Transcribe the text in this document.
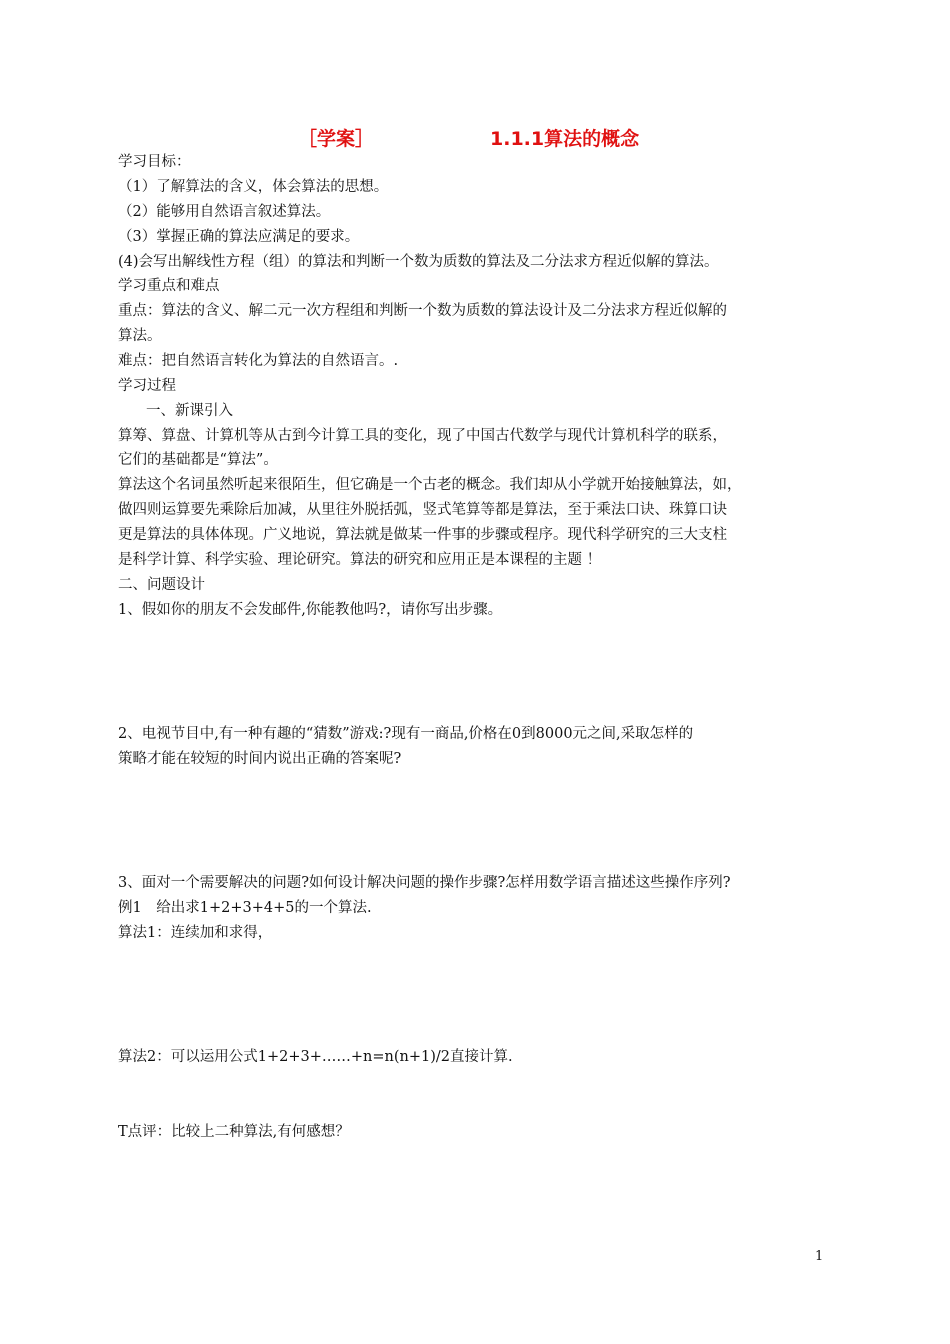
［学案］	1.1.1算法的概念
学习目标：
（1）了解算法的含义，体会算法的思想。
（2）能够用自然语言叙述算法。
（3）掌握正确的算法应满足的要求。
(4)会写出解线性方程（组）的算法和判断一个数为质数的算法及二分法求方程近似解的算法。
学习重点和难点
重点：算法的含义、解二元一次方程组和判断一个数为质数的算法设计及二分法求方程近似解的
算法。
难点：把自然语言转化为算法的自然语言。.
学习过程
一、新课引入
算筹、算盘、计算机等从古到今计算工具的变化，现了中国古代数学与现代计算机科学的联系，
它们的基础都是“算法”。
算法这个名词虽然听起来很陌生，但它确是一个古老的概念。我们却从小学就开始接触算法，如，
做四则运算要先乘除后加减，从里往外脱括弧，竖式笔算等都是算法，至于乘法口诀、珠算口诀
更是算法的具体体现。广义地说，算法就是做某一件事的步骤或程序。现代科学研究的三大支柱
是科学计算、科学实验、理论研究。算法的研究和应用正是本课程的主题 ！
二、问题设计
1、假如你的朋友不会发邮件,你能教他吗?，请你写出步骤。
2、电视节目中,有一种有趣的“猜数”游戏:?现有一商品,价格在0到8000元之间,采取怎样的
策略才能在较短的时间内说出正确的答案呢?
3、面对一个需要解决的问题?如何设计解决问题的操作步骤?怎样用数学语言描述这些操作序列?
例1　给出求1+2+3+4+5的一个算法.
算法1：连续加和求得，
算法2：可以运用公式1+2+3+……+n=n(n+1)/2直接计算.
T点评：比较上二种算法,有何感想？
1
